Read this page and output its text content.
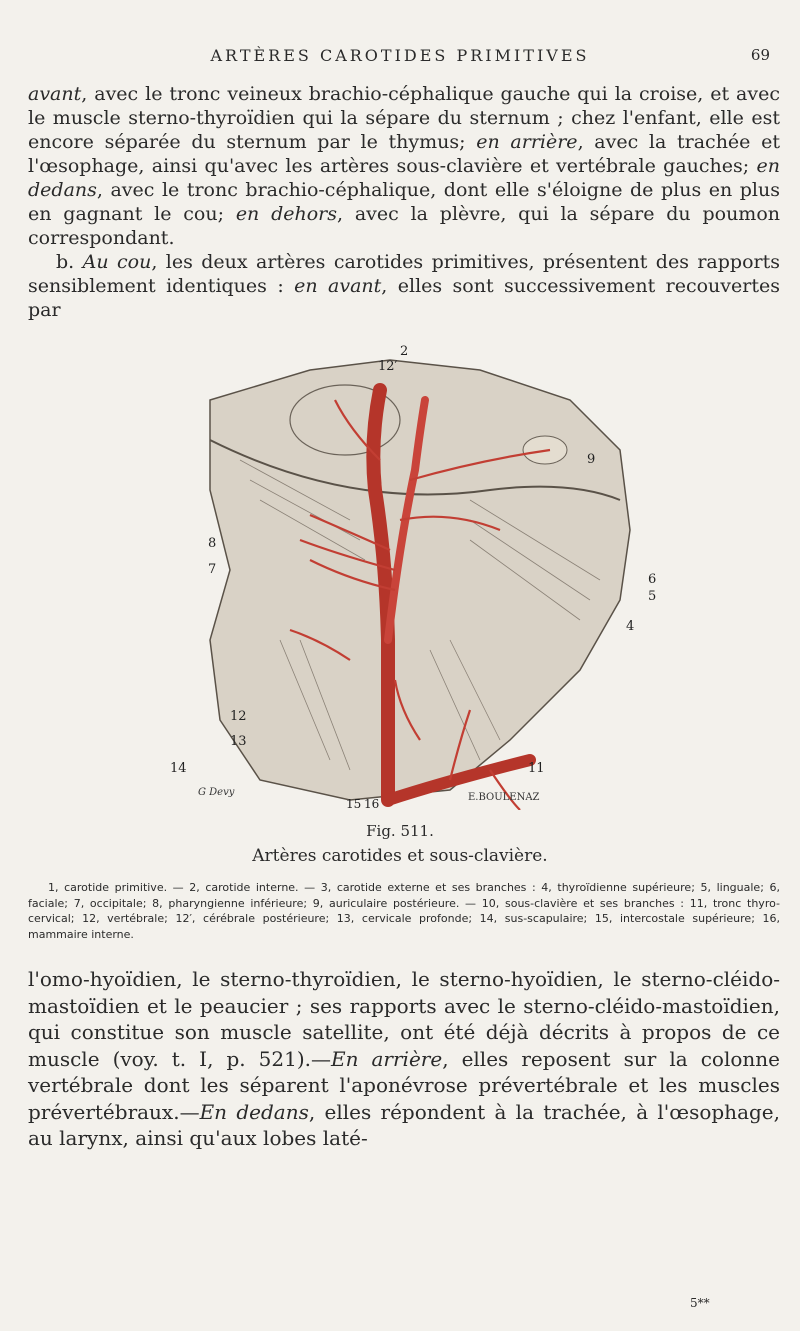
ARTÈRES CAROTIDES PRIMITIVES	69

avant, avec le tronc veineux brachio-céphalique gauche qui la croise, et avec le muscle sterno-thyroïdien qui la sépare du sternum ; chez l'enfant, elle est encore séparée du sternum par le thymus; en arrière, avec la trachée et l'œsophage, ainsi qu'avec les artères sous-clavière et vertébrale gauches; en dedans, avec le tronc brachio-céphalique, dont elle s'éloigne de plus en plus en gagnant le cou; en dehors, avec la plèvre, qui la sépare du poumon correspondant.

b. Au cou, les deux artères carotides primitives, présentent des rapports sensiblement identiques : en avant, elles sont successivement recouvertes par

2
12′
9
8
7
6
5
4
12
13
14	11
15 16
G Devy	E.BOULENAZ
Fig. 511.
Artères carotides et sous-clavière.

1, carotide primitive. — 2, carotide interne. — 3, carotide externe et ses branches : 4, thyroïdienne supérieure; 5, linguale; 6, faciale; 7, occipitale; 8, pharyngienne inférieure; 9, auriculaire postérieure. — 10, sous-clavière et ses branches : 11, tronc thyro-cervical; 12, vertébrale; 12′, cérébrale postérieure; 13, cervicale profonde; 14, sus-scapulaire; 15, intercostale supérieure; 16, mammaire interne.

l'omo-hyoïdien, le sterno-thyroïdien, le sterno-hyoïdien, le sterno-cléido-mastoïdien et le peaucier ; ses rapports avec le sterno-cléido-mastoïdien, qui constitue son muscle satellite, ont été déjà décrits à propos de ce muscle (voy. t. I, p. 521).—En arrière, elles reposent sur la colonne vertébrale dont les séparent l'aponévrose prévertébrale et les muscles prévertébraux.—En dedans, elles répondent à la trachée, à l'œsophage, au larynx, ainsi qu'aux lobes laté-

5**
